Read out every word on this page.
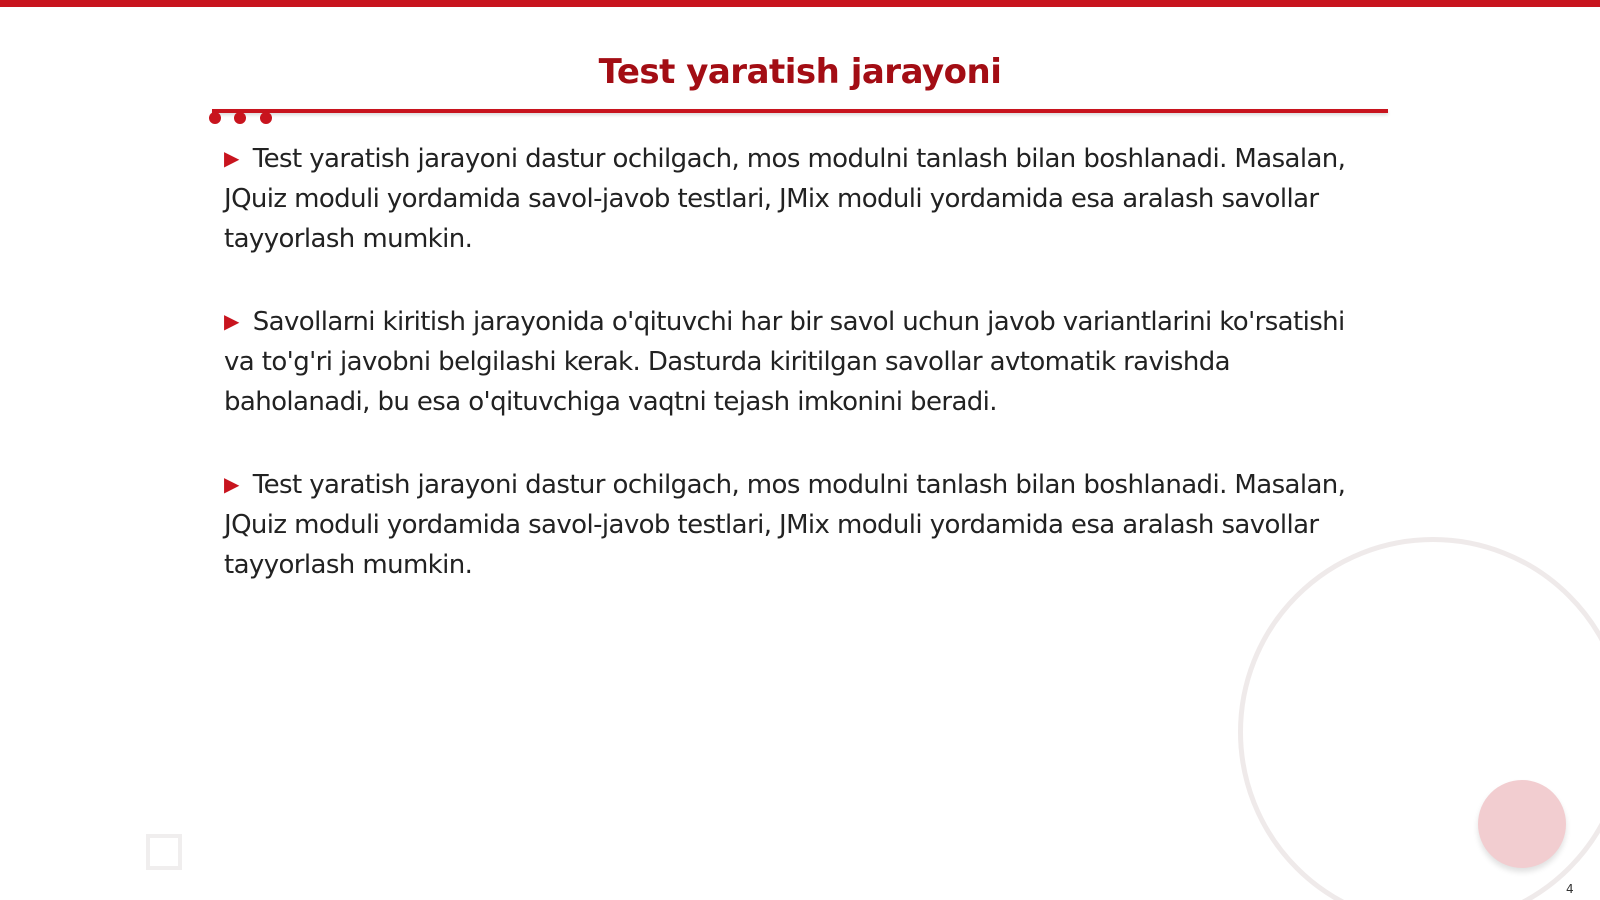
Test yaratish jarayoni

▶ Test yaratish jarayoni dastur ochilgach, mos modulni tanlash bilan boshlanadi. Masalan, JQuiz moduli yordamida savol-javob testlari, JMix moduli yordamida esa aralash savollar tayyorlash mumkin.

▶ Savollarni kiritish jarayonida o'qituvchi har bir savol uchun javob variantlarini ko'rsatishi va to'g'ri javobni belgilashi kerak. Dasturda kiritilgan savollar avtomatik ravishda baholanadi, bu esa o'qituvchiga vaqtni tejash imkonini beradi.

▶ Test yaratish jarayoni dastur ochilgach, mos modulni tanlash bilan boshlanadi. Masalan, JQuiz moduli yordamida savol-javob testlari, JMix moduli yordamida esa aralash savollar tayyorlash mumkin.

4
